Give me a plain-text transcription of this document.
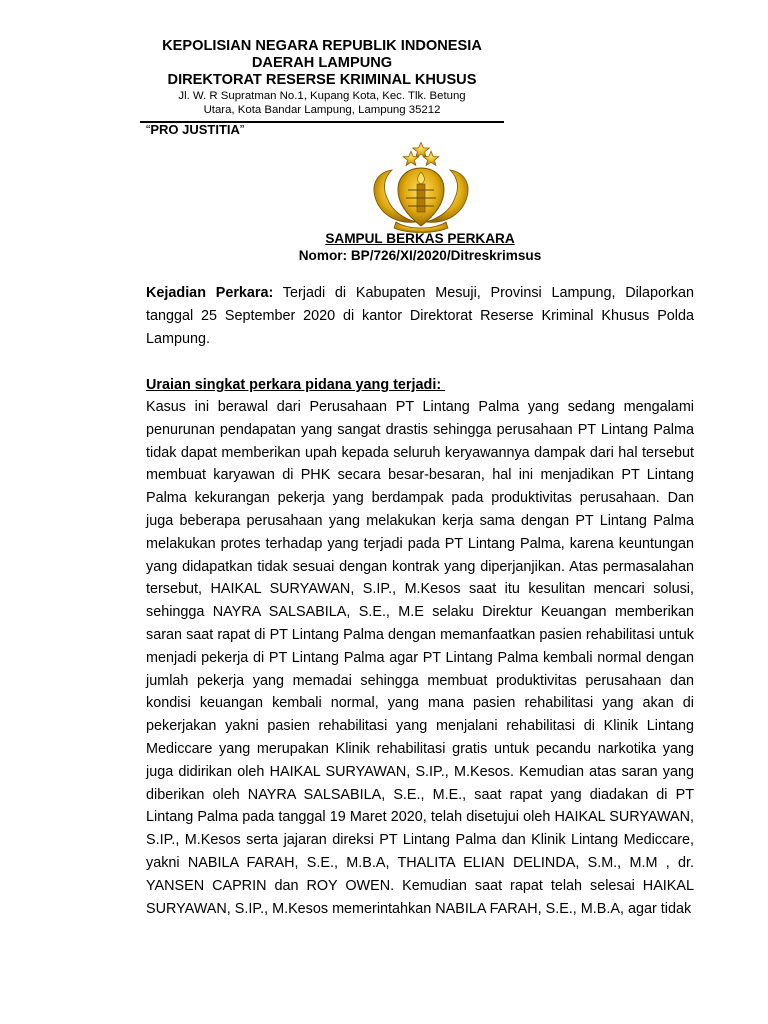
KEPOLISIAN NEGARA REPUBLIK INDONESIA
DAERAH LAMPUNG
DIREKTORAT RESERSE KRIMINAL KHUSUS
Jl. W. R Supratman No.1, Kupang Kota, Kec. Tlk. Betung
Utara, Kota Bandar Lampung, Lampung 35212
“PRO JUSTITIA”
SAMPUL BERKAS PERKARA
Nomor: BP/726/XI/2020/Ditreskrimsus
Kejadian Perkara: Terjadi di Kabupaten Mesuji, Provinsi Lampung, Dilaporkan tanggal 25 September 2020 di kantor Direktorat Reserse Kriminal Khusus Polda Lampung.
Uraian singkat perkara pidana yang terjadi:
Kasus ini berawal dari Perusahaan PT Lintang Palma yang sedang mengalami penurunan pendapatan yang sangat drastis sehingga perusahaan PT Lintang Palma tidak dapat memberikan upah kepada seluruh keryawannya dampak dari hal tersebut membuat karyawan di PHK secara besar-besaran, hal ini menjadikan PT Lintang Palma kekurangan pekerja yang berdampak pada produktivitas perusahaan. Dan juga beberapa perusahaan yang melakukan kerja sama dengan PT Lintang Palma melakukan protes terhadap yang terjadi pada PT Lintang Palma, karena keuntungan yang didapatkan tidak sesuai dengan kontrak yang diperjanjikan. Atas permasalahan tersebut, HAIKAL SURYAWAN, S.IP., M.Kesos saat itu kesulitan mencari solusi, sehingga NAYRA SALSABILA, S.E., M.E selaku Direktur Keuangan memberikan saran saat rapat di PT Lintang Palma dengan memanfaatkan pasien rehabilitasi untuk menjadi pekerja di PT Lintang Palma agar PT Lintang Palma kembali normal dengan jumlah pekerja yang memadai sehingga membuat produktivitas perusahaan dan kondisi keuangan kembali normal, yang mana pasien rehabilitasi yang akan di pekerjakan yakni pasien rehabilitasi yang menjalani rehabilitasi di Klinik Lintang Mediccare yang merupakan Klinik rehabilitasi gratis untuk pecandu narkotika yang juga didirikan oleh HAIKAL SURYAWAN, S.IP., M.Kesos. Kemudian atas saran yang diberikan oleh NAYRA SALSABILA, S.E., M.E., saat rapat yang diadakan di PT Lintang Palma pada tanggal 19 Maret 2020, telah disetujui oleh HAIKAL SURYAWAN, S.IP., M.Kesos serta jajaran direksi PT Lintang Palma dan Klinik Lintang Mediccare, yakni NABILA FARAH, S.E., M.B.A, THALITA ELIAN DELINDA, S.M., M.M , dr. YANSEN CAPRIN dan ROY OWEN. Kemudian saat rapat telah selesai HAIKAL SURYAWAN, S.IP., M.Kesos memerintahkan NABILA FARAH, S.E., M.B.A, agar tidak
